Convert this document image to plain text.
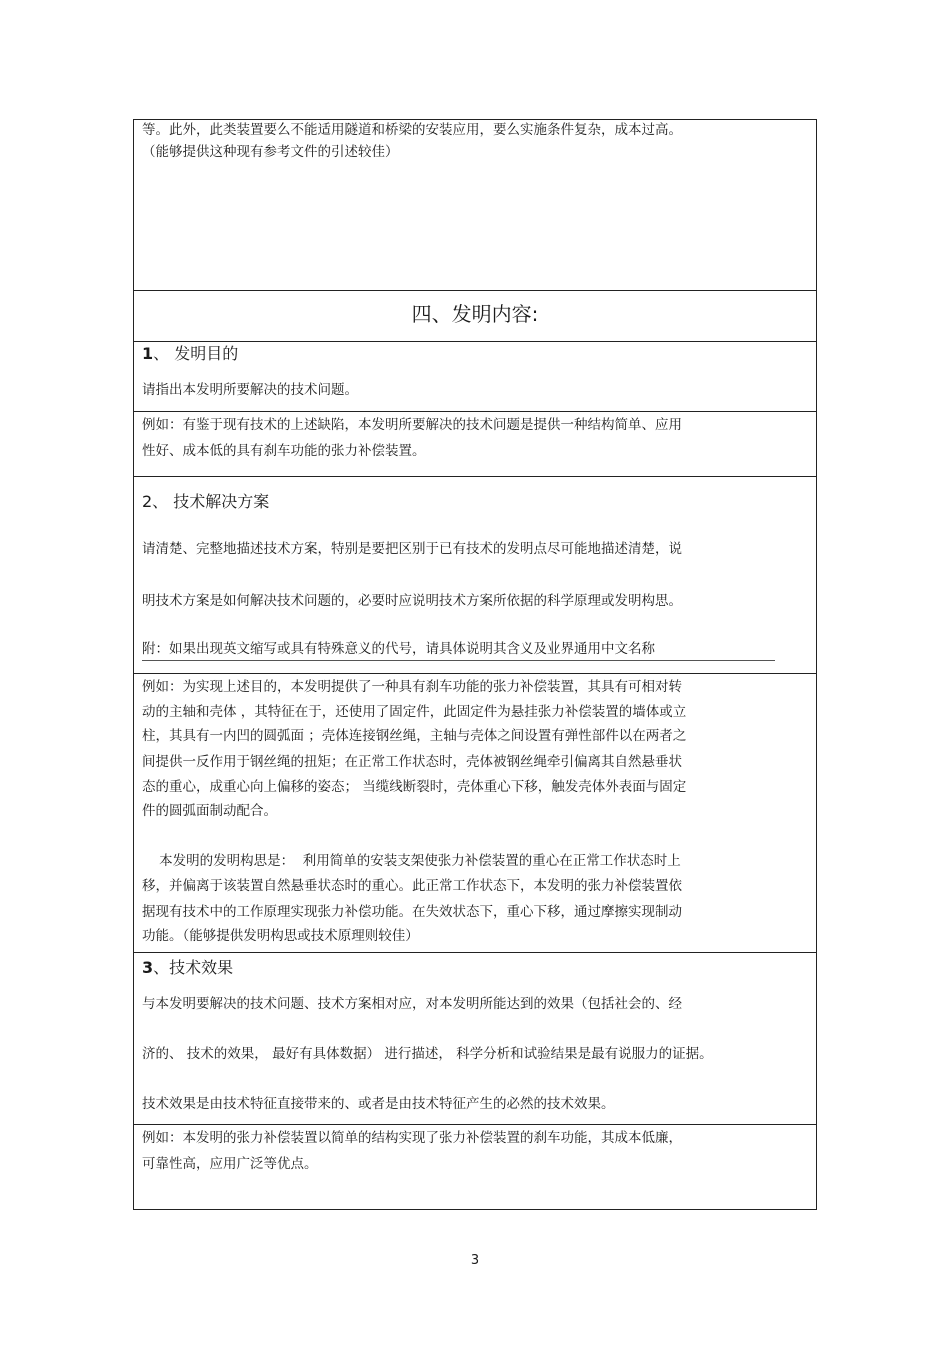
等。此外，此类装置要么不能适用隧道和桥梁的安装应用，要么实施条件复杂，成本过高。
（能够提供这种现有参考文件的引述较佳）
四、发明内容:
1、 发明目的
请指出本发明所要解决的技术问题。
例如：有鉴于现有技术的上述缺陷，本发明所要解决的技术问题是提供一种结构简单、应用
性好、成本低的具有刹车功能的张力补偿装置。
2、 技术解决方案
请清楚、完整地描述技术方案，特别是要把区别于已有技术的发明点尽可能地描述清楚，说
明技术方案是如何解决技术问题的，必要时应说明技术方案所依据的科学原理或发明构思。
附：如果出现英文缩写或具有特殊意义的代号，请具体说明其含义及业界通用中文名称
例如：为实现上述目的，本发明提供了一种具有刹车功能的张力补偿装置，其具有可相对转
动的主轴和壳体 ，其特征在于，还使用了固定件，此固定件为悬挂张力补偿装置的墙体或立
柱，其具有一内凹的圆弧面 ；壳体连接钢丝绳，主轴与壳体之间设置有弹性部件以在两者之
间提供一反作用于钢丝绳的扭矩；在正常工作状态时，壳体被钢丝绳牵引偏离其自然悬垂状
态的重心，成重心向上偏移的姿态； 当缆线断裂时，壳体重心下移，触发壳体外表面与固定
件的圆弧面制动配合。
本发明的发明构思是：  利用简单的安装支架使张力补偿装置的重心在正常工作状态时上
移，并偏离于该装置自然悬垂状态时的重心。此正常工作状态下，本发明的张力补偿装置依
据现有技术中的工作原理实现张力补偿功能。在失效状态下，重心下移，通过摩擦实现制动
功能。（能够提供发明构思或技术原理则较佳）
3、技术效果
与本发明要解决的技术问题、技术方案相对应，对本发明所能达到的效果（包括社会的、经
济的、 技术的效果， 最好有具体数据） 进行描述， 科学分析和试验结果是最有说服力的证据。
技术效果是由技术特征直接带来的、或者是由技术特征产生的必然的技术效果。
例如：本发明的张力补偿装置以简单的结构实现了张力补偿装置的刹车功能，其成本低廉，
可靠性高，应用广泛等优点。
3
